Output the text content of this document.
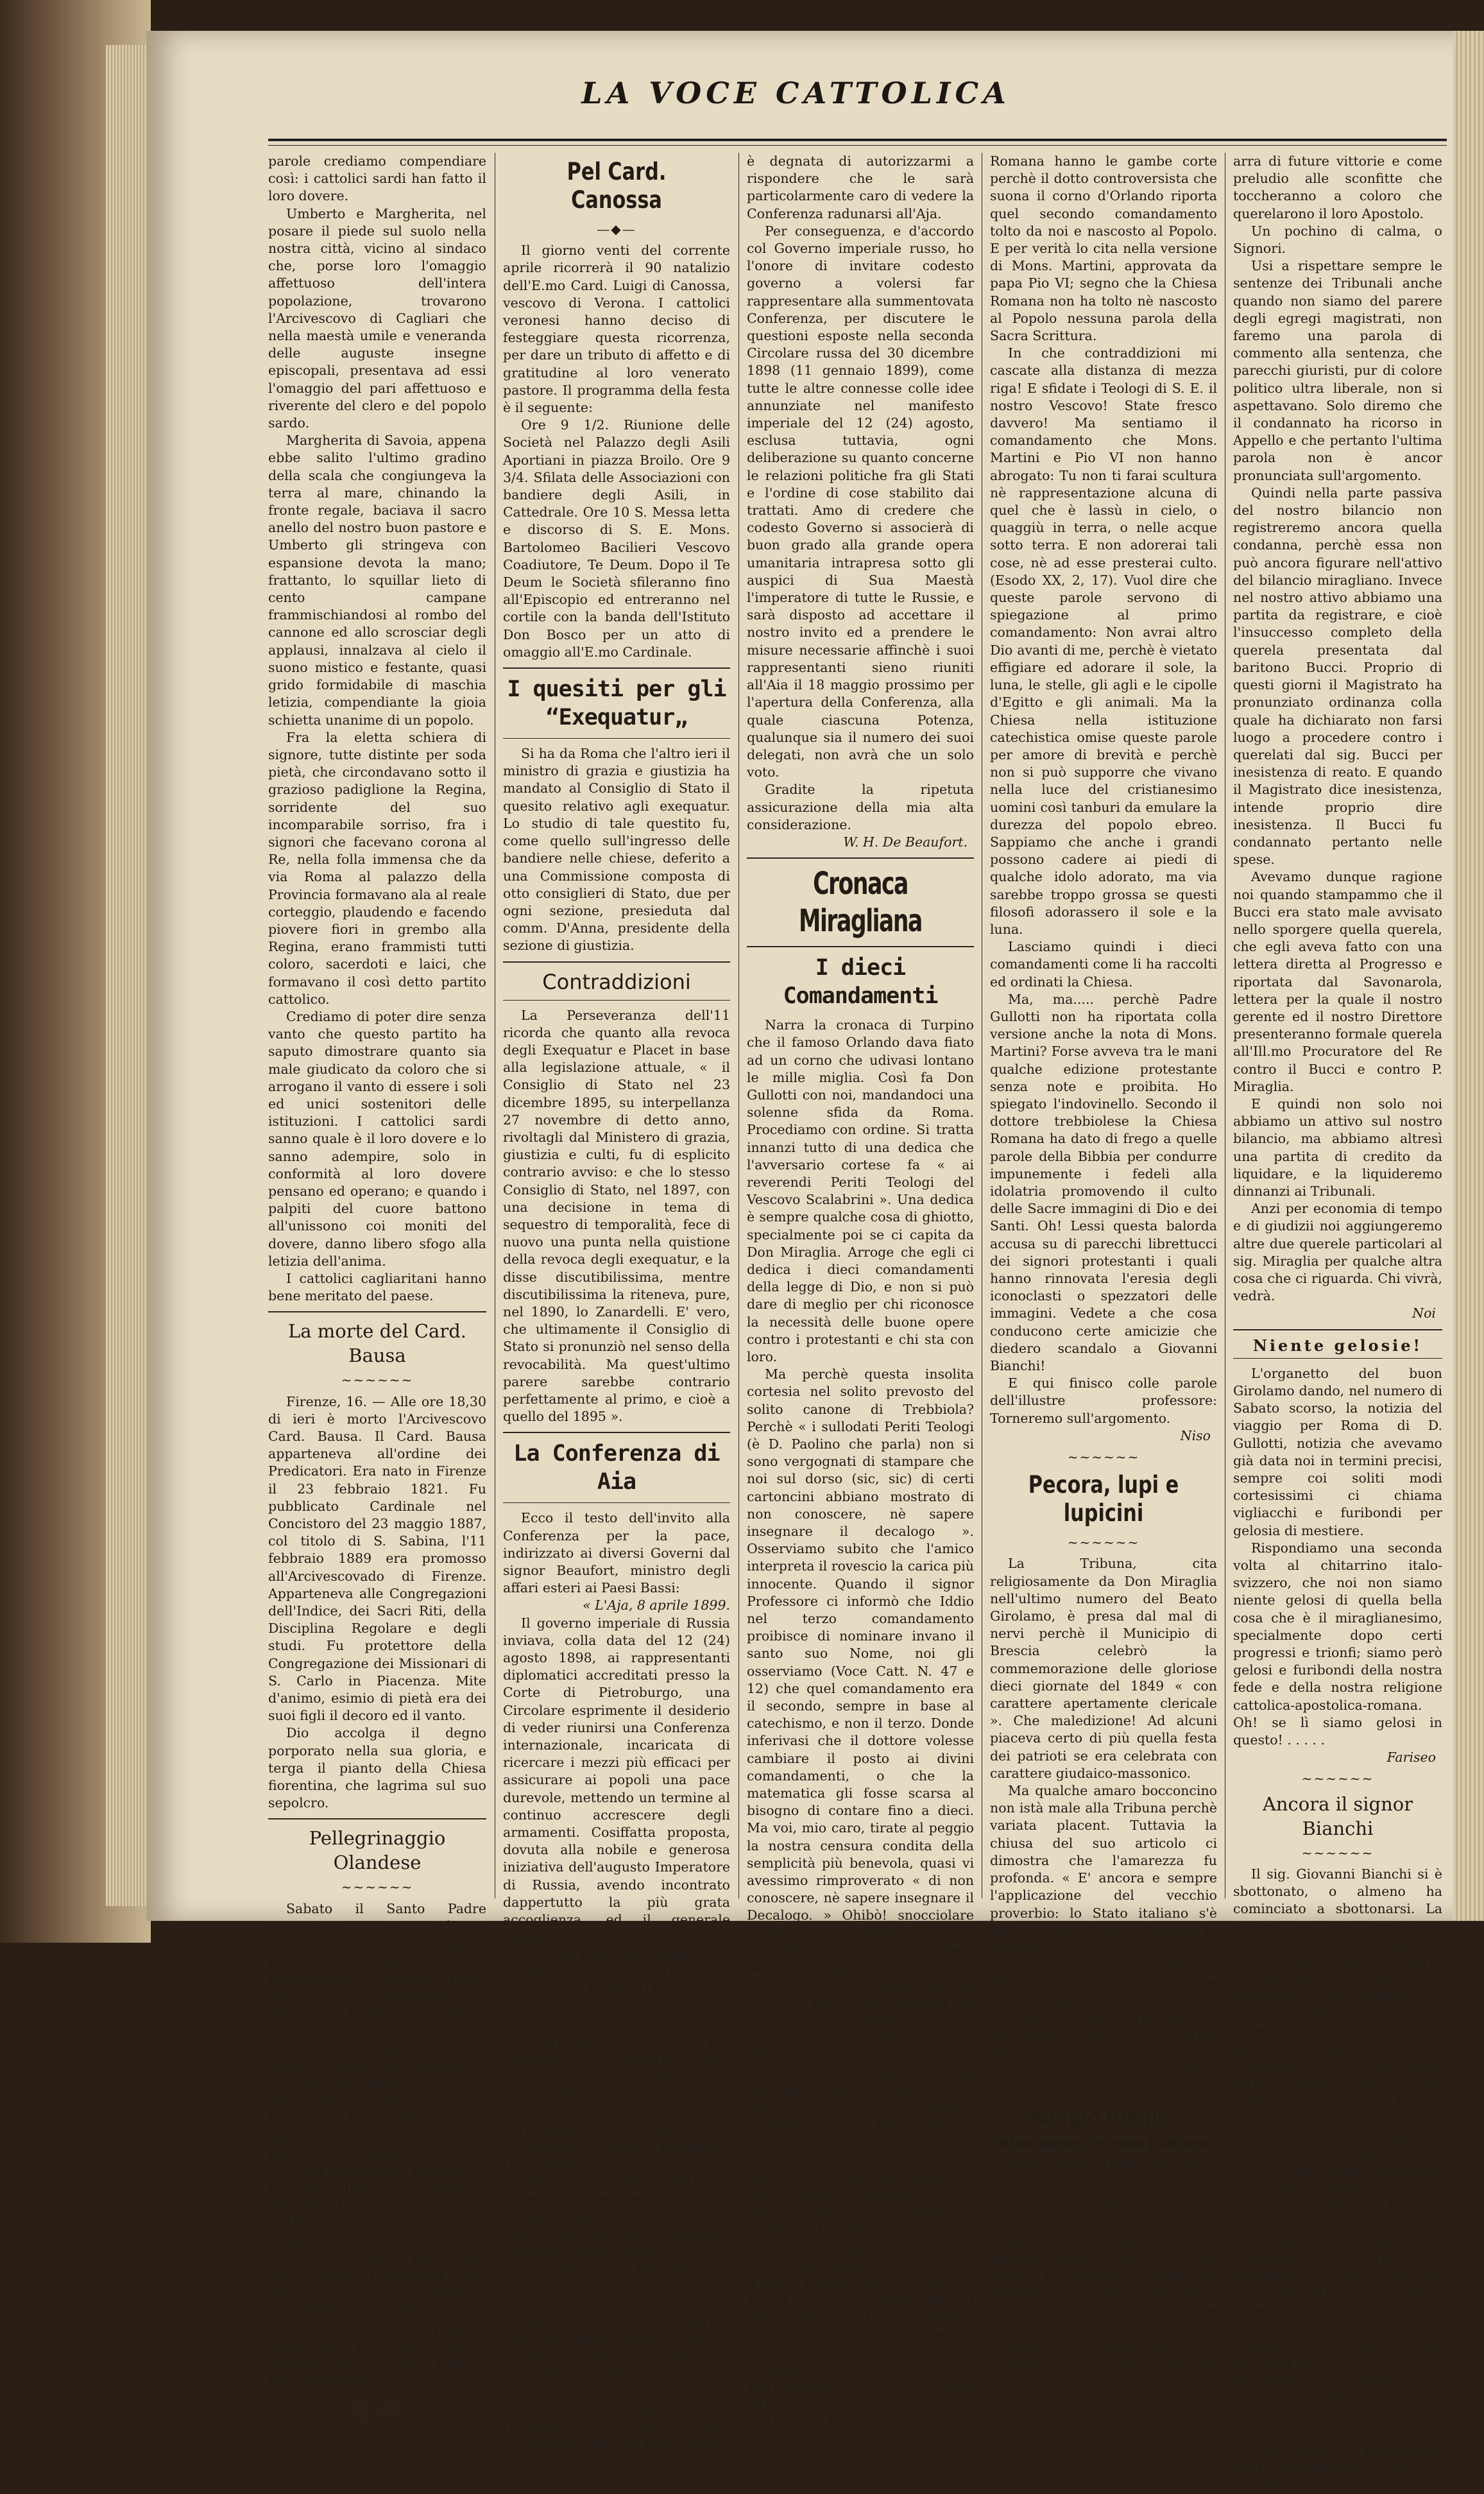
LA VOCE CATTOLICA

parole crediamo compendiare così: i cattolici sardi han fatto il loro dovere.

Umberto e Margherita, nel posare il piede sul suolo nella nostra città, vicino al sindaco che, porse loro l'omaggio affettuoso dell'intera popolazione, trovarono l'Arcivescovo di Cagliari che nella maestà umile e veneranda delle auguste insegne episcopali, presentava ad essi l'omaggio del pari affettuoso e riverente del clero e del popolo sardo.

Margherita di Savoia, appena ebbe salito l'ultimo gradino della scala che congiungeva la terra al mare, chinando la fronte regale, baciava il sacro anello del nostro buon pastore e Umberto gli stringeva con espansione devota la mano; frattanto, lo squillar lieto di cento campane frammischiandosi al rombo del cannone ed allo scrosciar degli applausi, innalzava al cielo il suono mistico e festante, quasi grido formidabile di maschia letizia, compendiante la gioia schietta unanime di un popolo.

Fra la eletta schiera di signore, tutte distinte per soda pietà, che circondavano sotto il grazioso padiglione la Regina, sorridente del suo incomparabile sorriso, fra i signori che facevano corona al Re, nella folla immensa che da via Roma al palazzo della Provincia formavano ala al reale corteggio, plaudendo e facendo piovere fiori in grembo alla Regina, erano frammisti tutti coloro, sacerdoti e laici, che formavano il così detto partito cattolico.

Crediamo di poter dire senza vanto che questo partito ha saputo dimostrare quanto sia male giudicato da coloro che si arrogano il vanto di essere i soli ed unici sostenitori delle istituzioni. I cattolici sardi sanno quale è il loro dovere e lo sanno adempire, solo in conformità al loro dovere pensano ed operano; e quando i palpiti del cuore battono all'unissono coi moniti del dovere, danno libero sfogo alla letizia dell'anima.

I cattolici cagliaritani hanno bene meritato del paese.

La morte del Card. Bausa
~~~~~~

Firenze, 16. — Alle ore 18,30 di ieri è morto l'Arcivescovo Card. Bausa. Il Card. Bausa apparteneva all'ordine dei Predicatori. Era nato in Firenze il 23 febbraio 1821. Fu pubblicato Cardinale nel Concistoro del 23 maggio 1887, col titolo di S. Sabina, l'11 febbraio 1889 era promosso all'Arcivescovado di Firenze. Apparteneva alle Congregazioni dell'Indice, dei Sacri Riti, della Disciplina Regolare e degli studi. Fu protettore della Congregazione dei Missionari di S. Carlo in Piacenza. Mite d'animo, esimio di pietà era dei suoi figli il decoro ed il vanto.

Dio accolga il degno porporato nella sua gloria, e terga il pianto della Chiesa fiorentina, che lagrima sul suo sepolcro.

Pellegrinaggio Olandese
~~~~~~

Sabato il Santo Padre ammetteva in udienza particolare una cinquantina di persone, componenti il pellegrinaggio olandese, posto sotto l'alto patronato di Monsignor Francesco Tarnassi, internunzio apost. all'Aja.

Il pellegrinaggio, fra cui alcune signore, è presieduto da un comitato direttivo, di cui fanno parte il Rev. Dekkers, Vicario a Teteringenlez-Breda, quale presidente, il cav. Carlo Kieckens di Tilbourg, direttore, il signor Cerksen di Tilbourg, il Rev. dott. Brink, quali membri del comitato stesso.

Dopo l'offerta fatta al Santo Padre di un ricco obolo, il signor cav. Carlo Kieckens, presentava ad uno ad uno i pellegrini a Sua Santità, che li intratteneva famigliarmente, avendo parole di ringraziamento e di paterna benevolenza per ciascheduno, e ammettendo da ultimo tutti al bacio della mano.

❦❧
Pel Card. Canossa
—◆—

Il giorno venti del corrente aprile ricorrerà il 90 natalizio dell'E.mo Card. Luigi di Canossa, vescovo di Verona. I cattolici veronesi hanno deciso di festeggiare questa ricorrenza, per dare un tributo di affetto e di gratitudine al loro venerato pastore. Il programma della festa è il seguente:

Ore 9 1/2. Riunione delle Società nel Palazzo degli Asili Aportiani in piazza Broilo. Ore 9 3/4. Sfilata delle Associazioni con bandiere degli Asili, in Cattedrale. Ore 10 S. Messa letta e discorso di S. E. Mons. Bartolomeo Bacilieri Vescovo Coadiutore, Te Deum. Dopo il Te Deum le Società sfileranno fino all'Episcopio ed entreranno nel cortile con la banda dell'Istituto Don Bosco per un atto di omaggio all'E.mo Cardinale.

I quesiti per gli “Exequatur„

Si ha da Roma che l'altro ieri il ministro di grazia e giustizia ha mandato al Consiglio di Stato il quesito relativo agli exequatur. Lo studio di tale questito fu, come quello sull'ingresso delle bandiere nelle chiese, deferito a una Commissione composta di otto consiglieri di Stato, due per ogni sezione, presieduta dal comm. D'Anna, presidente della sezione di giustizia.

Contraddizioni

La Perseveranza dell'11 ricorda che quanto alla revoca degli Exequatur e Placet in base alla legislazione attuale, « il Consiglio di Stato nel 23 dicembre 1895, su interpellanza 27 novembre di detto anno, rivoltagli dal Ministero di grazia, giustizia e culti, fu di esplicito contrario avviso: e che lo stesso Consiglio di Stato, nel 1897, con una decisione in tema di sequestro di temporalità, fece di nuovo una punta nella quistione della revoca degli exequatur, e la disse discutibilissima, mentre discutibilissima la riteneva, pure, nel 1890, lo Zanardelli. E' vero, che ultimamente il Consiglio di Stato si pronunziò nel senso della revocabilità. Ma quest'ultimo parere sarebbe contrario perfettamente al primo, e cioè a quello del 1895 ».

La Conferenza di Aia

Ecco il testo dell'invito alla Conferenza per la pace, indirizzato ai diversi Governi dal signor Beaufort, ministro degli affari esteri ai Paesi Bassi:

« L'Aja, 8 aprile 1899.

Il governo imperiale di Russia inviava, colla data del 12 (24) agosto 1898, ai rappresentanti diplomatici accreditati presso la Corte di Pietroburgo, una Circolare esprimente il desiderio di veder riunirsi una Conferenza internazionale, incaricata di ricercare i mezzi più efficaci per assicurare ai popoli una pace durevole, mettendo un termine al continuo accrescere degli armamenti. Cosiffatta proposta, dovuta alla nobile e generosa iniziativa dell'augusto Imperatore di Russia, avendo incontrato dappertutto la più grata accoglienza, ed il generale assenso delle Potenze, Sua Eccellenza il ministro degli affari esteri di Russia trasmetteva, il 30 decembre 1898 (11 gennaio 1899), ai rappresentanti diplomatici una seconda Circolare, in cui dava forma più concreta alle generose idee preconizzate dal magnanimo Imperatore, indicando certi quesiti che potrebbero particolarmente sottoporsi alle deliberazioni della progettata Conferenza.

Per motivi di ordine politico, il governo imperiale russo ha giudicato non essere desiderabile che la riunione della Conferenza avvenga nella capitale di una delle grandi Potenze; e assicuratosi il consenso dei Governi interessati, si è rivolto al Gabinetto dell'Aja, per ottenere il suo gradimento alla scelta di questa residenza come sede della Conferenza in parola. Io mi sono affrettato a prendere gli ordini di S. Maestà la Regina a tale riguardo, e sono felice d'informarvi che la mia augusta Sovrana si

è degnata di autorizzarmi a rispondere che le sarà particolarmente caro di vedere la Conferenza radunarsi all'Aja.

Per conseguenza, e d'accordo col Governo imperiale russo, ho l'onore di invitare codesto governo a volersi far rappresentare alla summentovata Conferenza, per discutere le questioni esposte nella seconda Circolare russa del 30 dicembre 1898 (11 gennaio 1899), come tutte le altre connesse colle idee annunziate nel manifesto imperiale del 12 (24) agosto, esclusa tuttavia, ogni deliberazione su quanto concerne le relazioni politiche fra gli Stati e l'ordine di cose stabilito dai trattati. Amo di credere che codesto Governo si associerà di buon grado alla grande opera umanitaria intrapresa sotto gli auspici di Sua Maestà l'imperatore di tutte le Russie, e sarà disposto ad accettare il nostro invito ed a prendere le misure necessarie affinchè i suoi rappresentanti sieno riuniti all'Aia il 18 maggio prossimo per l'apertura della Conferenza, alla quale ciascuna Potenza, qualunque sia il numero dei suoi delegati, non avrà che un solo voto.

Gradite la ripetuta assicurazione della mia alta considerazione.

W. H. De Beaufort.

Cronaca Miragliana
I dieci Comandamenti

Narra la cronaca di Turpino che il famoso Orlando dava fiato ad un corno che udivasi lontano le mille miglia. Così fa Don Gullotti con noi, mandandoci una solenne sfida da Roma. Procediamo con ordine. Si tratta innanzi tutto di una dedica che l'avversario cortese fa « ai reverendi Periti Teologi del Vescovo Scalabrini ». Una dedica è sempre qualche cosa di ghiotto, specialmente poi se ci capita da Don Miraglia. Arroge che egli ci dedica i dieci comandamenti della legge di Dio, e non si può dare di meglio per chi riconosce la necessità delle buone opere contro i protestanti e chi sta con loro.

Ma perchè questa insolita cortesia nel solito prevosto del solito canone di Trebbiola? Perchè « i sullodati Periti Teologi (è D. Paolino che parla) non si sono vergognati di stampare che noi sul dorso (sic, sic) di certi cartoncini abbiano mostrato di non conoscere, nè sapere insegnare il decalogo ». Osserviamo subito che l'amico interpreta il rovescio la carica più innocente. Quando il signor Professore ci informò che Iddio nel terzo comandamento proibisce di nominare invano il santo suo Nome, noi gli osserviamo (Voce Catt. N. 47 e 12) che quel comandamento era il secondo, sempre in base al catechismo, e non il terzo. Donde inferivasi che il dottore volesse cambiare il posto ai divini comandamenti, o che la matematica gli fosse scarsa al bisogno di contare fino a dieci. Ma voi, mio caro, tirate al peggio la nostra censura condita della semplicità più benevola, quasi vi avessimo rimproverato « di non conoscere, nè sapere insegnare il Decalogo. » Ohibò! snocciolare simili panzane contro di voi che sfogarate i protestanti in difesa delle buone opere !!!

Ma Padre Miraglia, passati quasi tre mesi dalla campana del cartoncino, si difende contro la nostra accusa, ribadendo il chiodo. Sicuro: tutta la colpa è della Chiesa Cattolica Romana che ha « tolto e nascosto al popolo » il secondo comandamento di Dio dando nel Catechismo il secondo posto al terzo, e così via via spostandoli tutti, finchè, venutone a mancare uno, dovette dividere in due l'ultimo, per cavarne il nono e il decimo. Insomma la Chiesa Romana ha soppresso addirittura uno dei dei comandamenti, sicchè il nuovo Ercole ci grida in capo: « Ei ora a voi, o impudenti (grazie!) Periti Teologi..... Chi ha mutilato la parola di Dio? » E segue l'ultima minaccia che ci fa tremare « torneremo sull'argomento ». (Sav. 13 Aprile 99).

Ma le bugie della Chiesa Cattolica

Romana hanno le gambe corte perchè il dotto controversista che suona il corno d'Orlando riporta quel secondo comandamento tolto da noi e nascosto al Popolo. E per verità lo cita nella versione di Mons. Martini, approvata da papa Pio VI; segno che la Chiesa Romana non ha tolto nè nascosto al Popolo nessuna parola della Sacra Scrittura.

In che contraddizioni mi cascate alla distanza di mezza riga! E sfidate i Teologi di S. E. il nostro Vescovo! State fresco davvero! Ma sentiamo il comandamento che Mons. Martini e Pio VI non hanno abrogato: Tu non ti farai scultura nè rappresentazione alcuna di quel che è lassù in cielo, o quaggiù in terra, o nelle acque sotto terra. E non adorerai tali cose, nè ad esse presterai culto. (Esodo XX, 2, 17). Vuol dire che queste parole servono di spiegazione al primo comandamento: Non avrai altro Dio avanti di me, perchè è vietato effigiare ed adorare il sole, la luna, le stelle, gli agli e le cipolle d'Egitto e gli animali. Ma la Chiesa nella istituzione catechistica omise queste parole per amore di brevità e perchè non si può supporre che vivano nella luce del cristianesimo uomini così tanburi da emulare la durezza del popolo ebreo. Sappiamo che anche i grandi possono cadere ai piedi di qualche idolo adorato, ma via sarebbe troppo grossa se questi filosofi adorassero il sole e la luna.

Lasciamo quindi i dieci comandamenti come li ha raccolti ed ordinati la Chiesa.

Ma, ma..... perchè Padre Gullotti non ha riportata colla versione anche la nota di Mons. Martini? Forse avveva tra le mani qualche edizione protestante senza note e proibita. Ho spiegato l'indovinello. Secondo il dottore trebbiolese la Chiesa Romana ha dato di frego a quelle parole della Bibbia per condurre impunemente i fedeli alla idolatria promovendo il culto delle Sacre immagini di Dio e dei Santi. Oh! Lessi questa balorda accusa su di parecchi librettucci dei signori protestanti i quali hanno rinnovata l'eresia degli iconoclasti o spezzatori delle immagini. Vedete a che cosa conducono certe amicizie che diedero scandalo a Giovanni Bianchi!

E qui finisco colle parole dell'illustre professore: Torneremo sull'argomento.

Niso

~~~~~~
Pecora, lupi e lupicini
~~~~~~

La Tribuna, cita religiosamente da Don Miraglia nell'ultimo numero del Beato Girolamo, è presa dal mal di nervi perchè il Municipio di Brescia celebrò la commemorazione delle gloriose dieci giornate del 1849 « con carattere apertamente clericale ». Che maledizione! Ad alcuni piaceva certo di più quella festa dei patrioti se era celebrata con carattere giudaico-massonico.

Ma qualche amaro bocconcino non istà male alla Tribuna perchè variata placent. Tuttavia la chiusa del suo articolo ci dimostra che l'amarezza fu profonda. « E' ancora e sempre l'applicazione del vecchio proverbio: lo Stato italiano s'è fatto pecora; lupi e lupicini lo mangiano. »

Chi sono i lupi grossi e piccoli? Per la Tribuna sono i clericali che si mangiano lo Stato!!! Noi crediamo che ben altre maschele lavorassero attorno allo Stato italiano.

Galeno

~~~~~~
Adagio Biagio!
Ride bene chi ride l'ultimo
Nuove querele e nuovi querelati
~~~~~~

Ci dicono che un insolito tripudio animi le diradate file degli ultimi superstiti del miraglianesimo che sta per morire. La condanna pronunziata Venerdì dal nostro Tribunale a carico del Santani, ex-gerente della Voce Cattolica, li ha alquanto ringalluzziti e considerano quella Sentenza come

arra di future vittorie e come preludio alle sconfitte che toccheranno a coloro che querelarono il loro Apostolo.

Un pochino di calma, o Signori.

Usi a rispettare sempre le sentenze dei Tribunali anche quando non siamo del parere degli egregi magistrati, non faremo una parola di commento alla sentenza, che parecchi giuristi, pur di colore politico ultra liberale, non si aspettavano. Solo diremo che il condannato ha ricorso in Appello e che pertanto l'ultima parola non è ancor pronunciata sull'argomento.

Quindi nella parte passiva del nostro bilancio non registreremo ancora quella condanna, perchè essa non può ancora figurare nell'attivo del bilancio miragliano. Invece nel nostro attivo abbiamo una partita da registrare, e cioè l'insuccesso completo della querela presentata dal baritono Bucci. Proprio di questi giorni il Magistrato ha pronunziato ordinanza colla quale ha dichiarato non farsi luogo a procedere contro i querelati dal sig. Bucci per inesistenza di reato. E quando il Magistrato dice inesistenza, intende proprio dire inesistenza. Il Bucci fu condannato pertanto nelle spese.

Avevamo dunque ragione noi quando stampammo che il Bucci era stato male avvisato nello sporgere quella querela, che egli aveva fatto con una lettera diretta al Progresso e riportata dal Savonarola, lettera per la quale il nostro gerente ed il nostro Direttore presenteranno formale querela all'Ill.mo Procuratore del Re contro il Bucci e contro P. Miraglia.

E quindi non solo noi abbiamo un attivo sul nostro bilancio, ma abbiamo altresì una partita di credito da liquidare, e la liquideremo dinnanzi ai Tribunali.

Anzi per economia di tempo e di giudizii noi aggiungeremo altre due querele particolari al sig. Miraglia per qualche altra cosa che ci riguarda. Chi vivrà, vedrà.

Noi

Niente gelosie!

L'organetto del buon Girolamo dando, nel numero di Sabato scorso, la notizia del viaggio per Roma di D. Gullotti, notizia che avevamo già data noi in termini precisi, sempre coi soliti modi cortesissimi ci chiama vigliacchi e furibondi per gelosia di mestiere.

Rispondiamo una seconda volta al chitarrino italo-svizzero, che noi non siamo niente gelosi di quella bella cosa che è il miraglianesimo, specialmente dopo certi progressi e trionfi; siamo però gelosi e furibondi della nostra fede e della nostra religione cattolica-apostolica-romana. Oh! se lì siamo gelosi in questo! . . . . .

Fariseo

~~~~~~
Ancora il signor Bianchi
~~~~~~

Il sig. Giovanni Bianchi si è sbottonato, o almeno ha cominciato a sbottonarsi. La lettera da noi annunciata nell'ultimo numero comparve in due puntate sulla « Libertà ». Dice che lui non è un convertito che avrebbe le passate eresie, come alcuni vorrebbero, perchè fu sempre cattolico; che non è un vecchio rammollito fatto su da pochi furbi, come altri hanno insinuato, perchè la sua testa è ancor salda e la materia grigia che c'è dentro non ha ancora perduto il suo fosforo.

Dopo una lunga autodifesa su questo terreno, viene a parlare di D. Paolino. Fa pure una lunga storia del miraglianesimo e delle sue relazioni con Miraglia e conchiude che egli, viste non accettate certe sue proposte, si regolò in proposito per non figurare come un soldato di ventura del giornalismo, dopo cinquant'anni di lotta cosciente in quel campo; e ciò più ancora perchè gli premeva di levarsi di dosso fin l'ombra del sospetto che egli mai potesse venire a transazione col Protestantesimo, verso cui, a giudizio suo, si incam-
